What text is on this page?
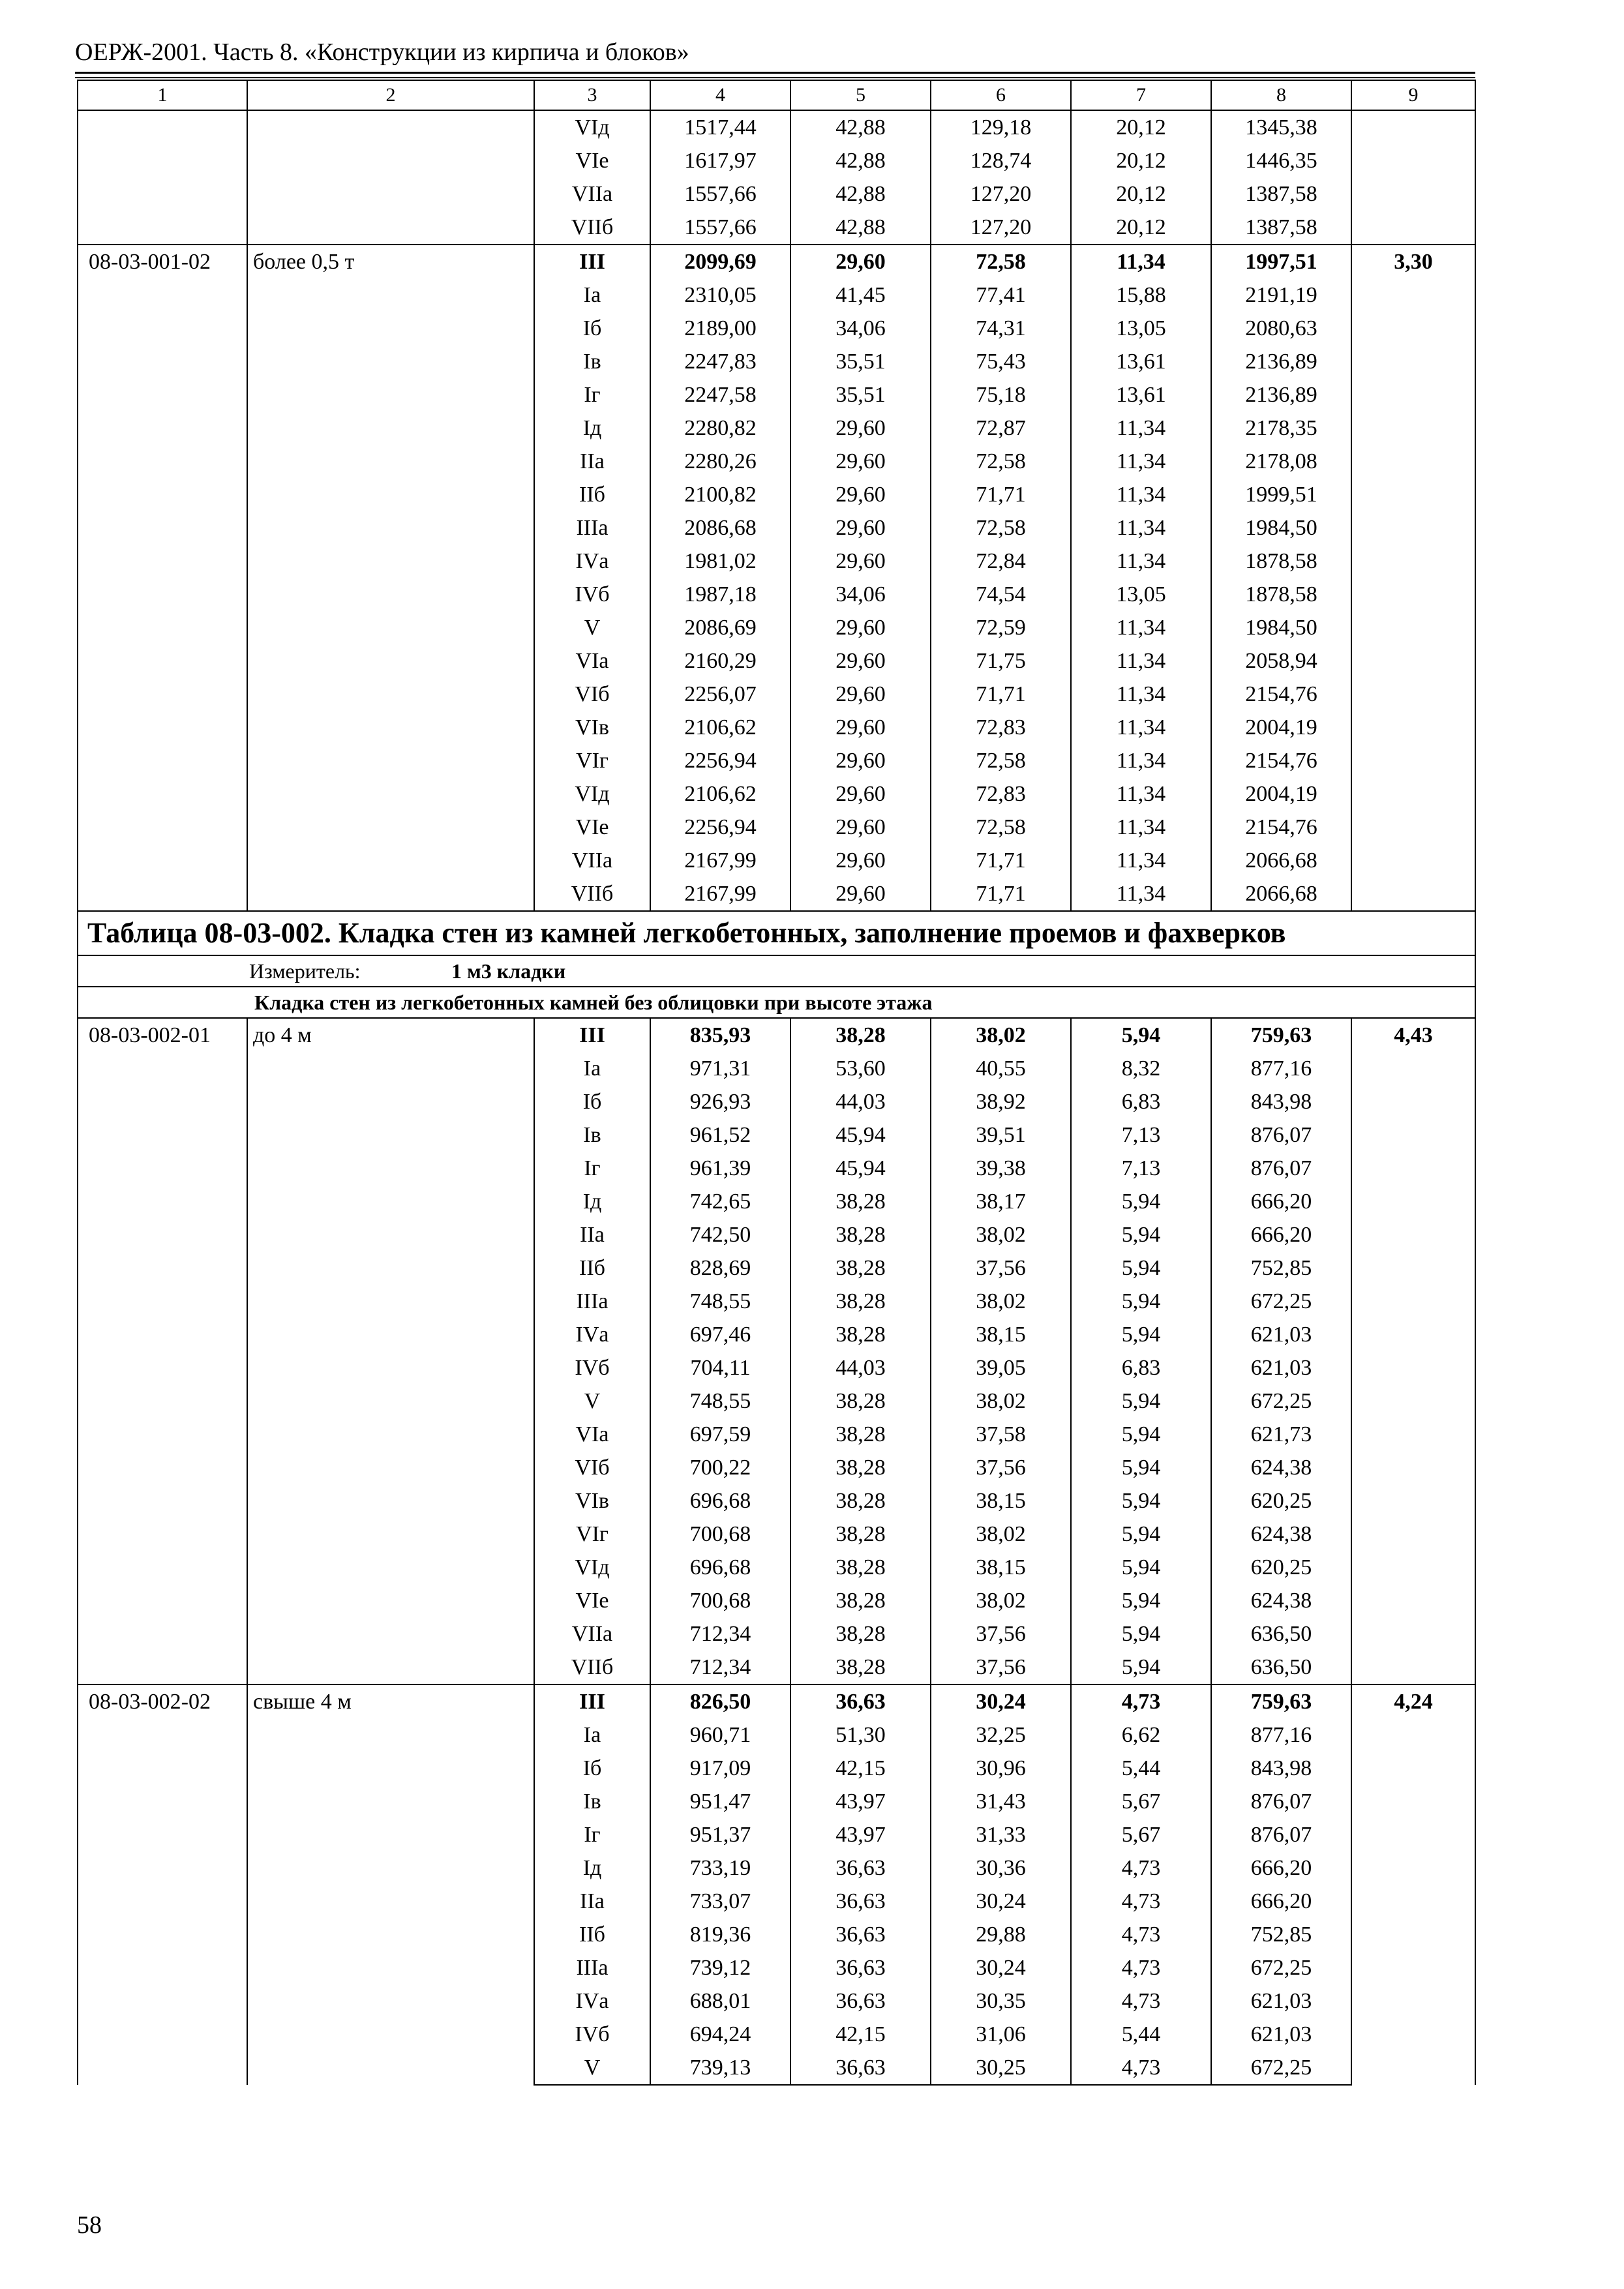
ОЕРЖ-2001. Часть 8. «Конструкции из кирпича и блоков»
1	2	3	4	5	6	7	8	9
		VIд	1517,44	42,88	129,18	20,12	1345,38	
		VIе	1617,97	42,88	128,74	20,12	1446,35	
		VIIа	1557,66	42,88	127,20	20,12	1387,58	
		VIIб	1557,66	42,88	127,20	20,12	1387,58	
08-03-001-02	более 0,5 т	III	2099,69	29,60	72,58	11,34	1997,51	3,30
		Iа	2310,05	41,45	77,41	15,88	2191,19	
		Iб	2189,00	34,06	74,31	13,05	2080,63	
		Iв	2247,83	35,51	75,43	13,61	2136,89	
		Iг	2247,58	35,51	75,18	13,61	2136,89	
		Iд	2280,82	29,60	72,87	11,34	2178,35	
		IIа	2280,26	29,60	72,58	11,34	2178,08	
		IIб	2100,82	29,60	71,71	11,34	1999,51	
		IIIа	2086,68	29,60	72,58	11,34	1984,50	
		IVа	1981,02	29,60	72,84	11,34	1878,58	
		IVб	1987,18	34,06	74,54	13,05	1878,58	
		V	2086,69	29,60	72,59	11,34	1984,50	
		VIа	2160,29	29,60	71,75	11,34	2058,94	
		VIб	2256,07	29,60	71,71	11,34	2154,76	
		VIв	2106,62	29,60	72,83	11,34	2004,19	
		VIг	2256,94	29,60	72,58	11,34	2154,76	
		VIд	2106,62	29,60	72,83	11,34	2004,19	
		VIе	2256,94	29,60	72,58	11,34	2154,76	
		VIIа	2167,99	29,60	71,71	11,34	2066,68	
		VIIб	2167,99	29,60	71,71	11,34	2066,68	
Таблица 08-03-002. Кладка стен из камней легкобетонных, заполнение проемов и фахверков								
Измеритель: 1 м3 кладки								
Кладка стен из легкобетонных камней без облицовки при высоте этажа								
08-03-002-01	до 4 м	III	835,93	38,28	38,02	5,94	759,63	4,43
		Iа	971,31	53,60	40,55	8,32	877,16	
		Iб	926,93	44,03	38,92	6,83	843,98	
		Iв	961,52	45,94	39,51	7,13	876,07	
		Iг	961,39	45,94	39,38	7,13	876,07	
		Iд	742,65	38,28	38,17	5,94	666,20	
		IIа	742,50	38,28	38,02	5,94	666,20	
		IIб	828,69	38,28	37,56	5,94	752,85	
		IIIа	748,55	38,28	38,02	5,94	672,25	
		IVа	697,46	38,28	38,15	5,94	621,03	
		IVб	704,11	44,03	39,05	6,83	621,03	
		V	748,55	38,28	38,02	5,94	672,25	
		VIа	697,59	38,28	37,58	5,94	621,73	
		VIб	700,22	38,28	37,56	5,94	624,38	
		VIв	696,68	38,28	38,15	5,94	620,25	
		VIг	700,68	38,28	38,02	5,94	624,38	
		VIд	696,68	38,28	38,15	5,94	620,25	
		VIе	700,68	38,28	38,02	5,94	624,38	
		VIIа	712,34	38,28	37,56	5,94	636,50	
		VIIб	712,34	38,28	37,56	5,94	636,50	
08-03-002-02	свыше 4 м	III	826,50	36,63	30,24	4,73	759,63	4,24
		Iа	960,71	51,30	32,25	6,62	877,16	
		Iб	917,09	42,15	30,96	5,44	843,98	
		Iв	951,47	43,97	31,43	5,67	876,07	
		Iг	951,37	43,97	31,33	5,67	876,07	
		Iд	733,19	36,63	30,36	4,73	666,20	
		IIа	733,07	36,63	30,24	4,73	666,20	
		IIб	819,36	36,63	29,88	4,73	752,85	
		IIIа	739,12	36,63	30,24	4,73	672,25	
		IVа	688,01	36,63	30,35	4,73	621,03	
		IVб	694,24	42,15	31,06	5,44	621,03	
		V	739,13	36,63	30,25	4,73	672,25	
58
